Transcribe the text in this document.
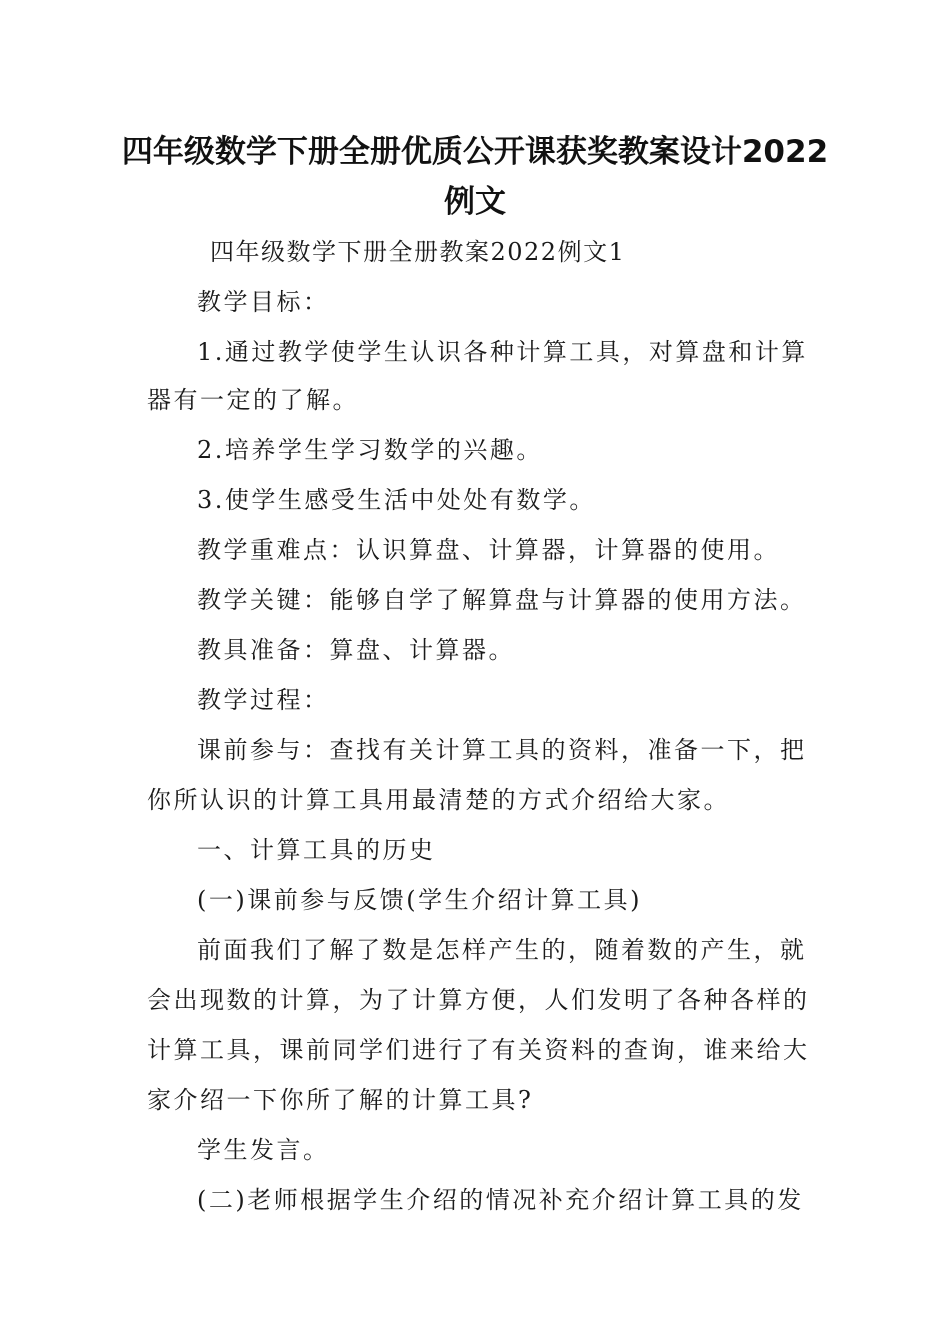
四年级数学下册全册优质公开课获奖教案设计2022
例文
四年级数学下册全册教案2022例文1
教学目标：
1.通过教学使学生认识各种计算工具，对算盘和计算
器有一定的了解。
2.培养学生学习数学的兴趣。
3.使学生感受生活中处处有数学。
教学重难点：认识算盘、计算器，计算器的使用。
教学关键：能够自学了解算盘与计算器的使用方法。
教具准备：算盘、计算器。
教学过程：
课前参与：查找有关计算工具的资料，准备一下，把
你所认识的计算工具用最清楚的方式介绍给大家。
一、计算工具的历史
(一)课前参与反馈(学生介绍计算工具)
前面我们了解了数是怎样产生的，随着数的产生，就
会出现数的计算，为了计算方便，人们发明了各种各样的
计算工具，课前同学们进行了有关资料的查询，谁来给大
家介绍一下你所了解的计算工具?
学生发言。
(二)老师根据学生介绍的情况补充介绍计算工具的发
